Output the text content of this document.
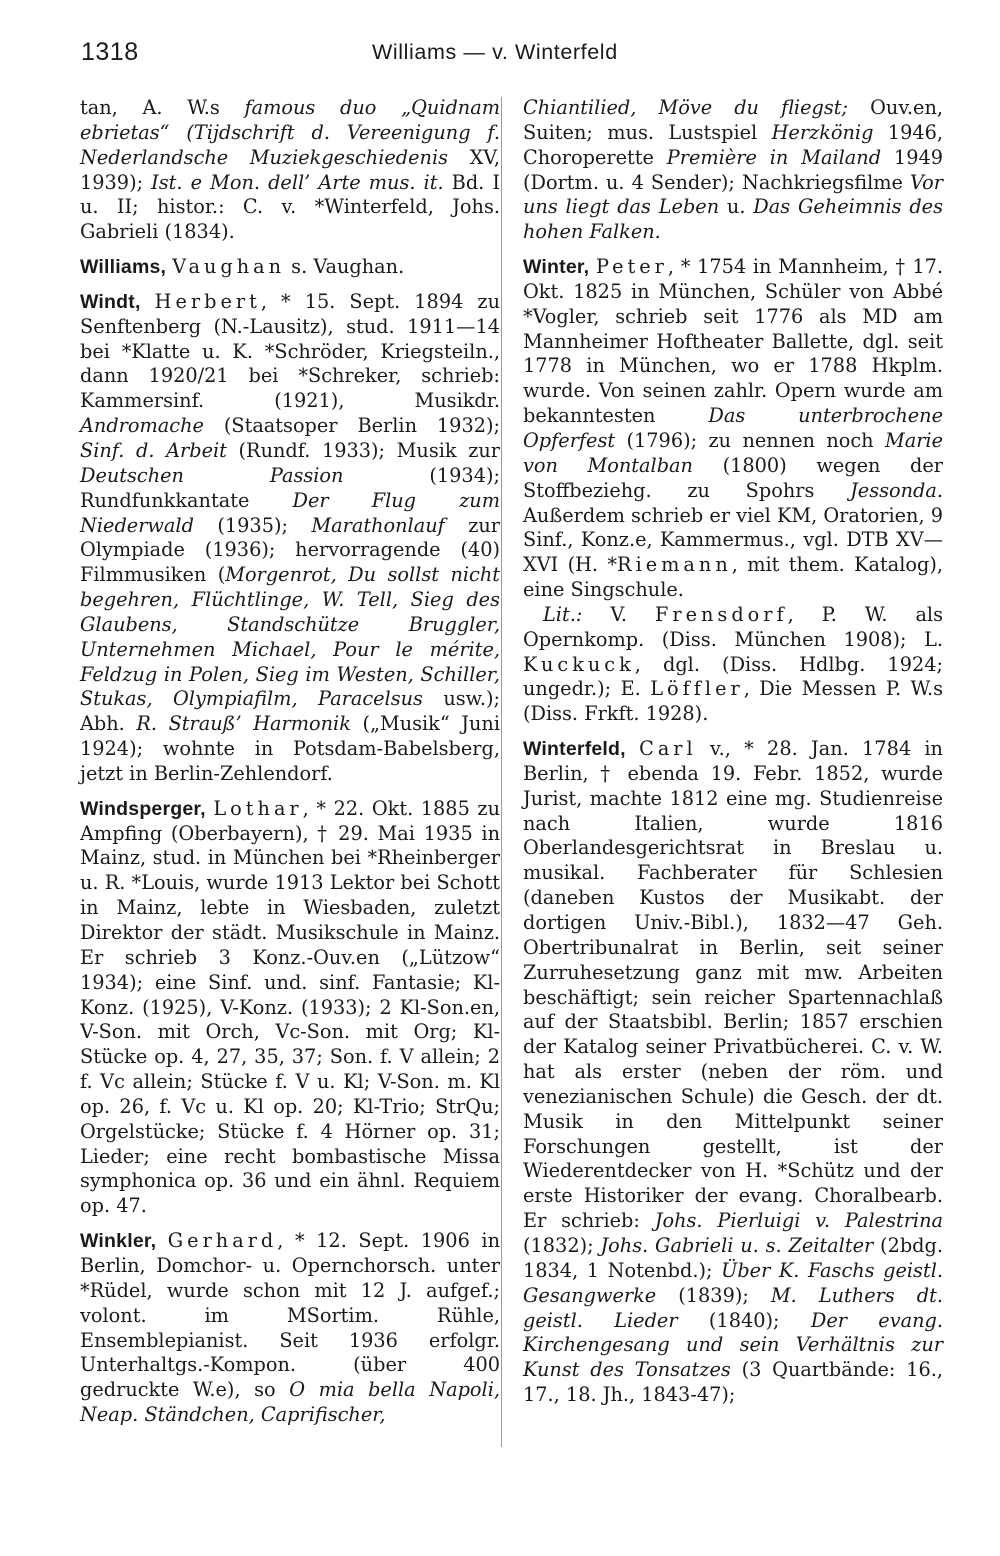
1318	Williams — v. Winterfeld
tan, A. W.s famous duo „Quidnam ebrietas“ (Tijdschrift d. Vereenigung f. Nederlandsche Muziekgeschiedenis XV, 1939); Ist. e Mon. dell’ Arte mus. it. Bd. I u. II; histor.: C. v. *Winterfeld, Johs. Gabrieli (1834).
Williams, Vaughan s. Vaughan.
Windt, Herbert, * 15. Sept. 1894 zu Senftenberg (N.-Lausitz), stud. 1911—14 bei *Klatte u. K. *Schröder, Kriegsteiln., dann 1920/21 bei *Schreker, schrieb: Kammersinf. (1921), Musikdr. Andromache (Staatsoper Berlin 1932); Sinf. d. Arbeit (Rundf. 1933); Musik zur Deutschen Passion (1934); Rundfunkkantate Der Flug zum Niederwald (1935); Marathonlauf zur Olympiade (1936); hervorragende (40) Filmmusiken (Morgenrot, Du sollst nicht begehren, Flüchtlinge, W. Tell, Sieg des Glaubens, Standschütze Bruggler, Unternehmen Michael, Pour le mérite, Feldzug in Polen, Sieg im Westen, Schiller, Stukas, Olympiafilm, Paracelsus usw.); Abh. R. Strauß’ Harmonik („Musik“ Juni 1924); wohnte in Potsdam-Babelsberg, jetzt in Berlin-Zehlendorf.
Windsperger, Lothar, * 22. Okt. 1885 zu Ampfing (Oberbayern), † 29. Mai 1935 in Mainz, stud. in München bei *Rheinberger u. R. *Louis, wurde 1913 Lektor bei Schott in Mainz, lebte in Wiesbaden, zuletzt Direktor der städt. Musikschule in Mainz. Er schrieb 3 Konz.-Ouv.en („Lützow“ 1934); eine Sinf. und. sinf. Fantasie; Kl-Konz. (1925), V-Konz. (1933); 2 Kl-Son.en, V-Son. mit Orch, Vc-Son. mit Org; Kl-Stücke op. 4, 27, 35, 37; Son. f. V allein; 2 f. Vc allein; Stücke f. V u. Kl; V-Son. m. Kl op. 26, f. Vc u. Kl op. 20; Kl-Trio; StrQu; Orgelstücke; Stücke f. 4 Hörner op. 31; Lieder; eine recht bombastische Missa symphonica op. 36 und ein ähnl. Requiem op. 47.
Winkler, Gerhard, * 12. Sept. 1906 in Berlin, Domchor- u. Opernchorsch. unter *Rüdel, wurde schon mit 12 J. aufgef.; volont. im MSortim. Rühle, Ensemblepianist. Seit 1936 erfolgr. Unterhaltgs.-Kompon. (über 400 gedruckte W.e), so O mia bella Napoli, Neap. Ständchen, Caprifischer,
Chiantilied, Möve du fliegst; Ouv.en, Suiten; mus. Lustspiel Herzkönig 1946, Choroperette Première in Mailand 1949 (Dortm. u. 4 Sender); Nachkriegsfilme Vor uns liegt das Leben u. Das Geheimnis des hohen Falken.
Winter, Peter, * 1754 in Mannheim, † 17. Okt. 1825 in München, Schüler von Abbé *Vogler, schrieb seit 1776 als MD am Mannheimer Hoftheater Ballette, dgl. seit 1778 in München, wo er 1788 Hkplm. wurde. Von seinen zahlr. Opern wurde am bekanntesten Das unterbrochene Opferfest (1796); zu nennen noch Marie von Montalban (1800) wegen der Stoffbeziehg. zu Spohrs Jessonda. Außerdem schrieb er viel KM, Oratorien, 9 Sinf., Konz.e, Kammermus., vgl. DTB XV—XVI (H. *Riemann, mit them. Katalog), eine Singschule.
Lit.: V. Frensdorf, P. W. als Opernkomp. (Diss. München 1908); L. Kuckuck, dgl. (Diss. Hdlbg. 1924; ungedr.); E. Löffler, Die Messen P. W.s (Diss. Frkft. 1928).
Winterfeld, Carl v., * 28. Jan. 1784 in Berlin, † ebenda 19. Febr. 1852, wurde Jurist, machte 1812 eine mg. Studienreise nach Italien, wurde 1816 Oberlandesgerichtsrat in Breslau u. musikal. Fachberater für Schlesien (daneben Kustos der Musikabt. der dortigen Univ.-Bibl.), 1832—47 Geh. Obertribunalrat in Berlin, seit seiner Zurruhesetzung ganz mit mw. Arbeiten beschäftigt; sein reicher Spartennachlaß auf der Staatsbibl. Berlin; 1857 erschien der Katalog seiner Privatbücherei. C. v. W. hat als erster (neben der röm. und venezianischen Schule) die Gesch. der dt. Musik in den Mittelpunkt seiner Forschungen gestellt, ist der Wiederentdecker von H. *Schütz und der erste Historiker der evang. Choralbearb. Er schrieb: Johs. Pierluigi v. Palestrina (1832); Johs. Gabrieli u. s. Zeitalter (2bdg. 1834, 1 Notenbd.); Über K. Faschs geistl. Gesangwerke (1839); M. Luthers dt. geistl. Lieder (1840); Der evang. Kirchengesang und sein Verhältnis zur Kunst des Tonsatzes (3 Quartbände: 16., 17., 18. Jh., 1843-47);
